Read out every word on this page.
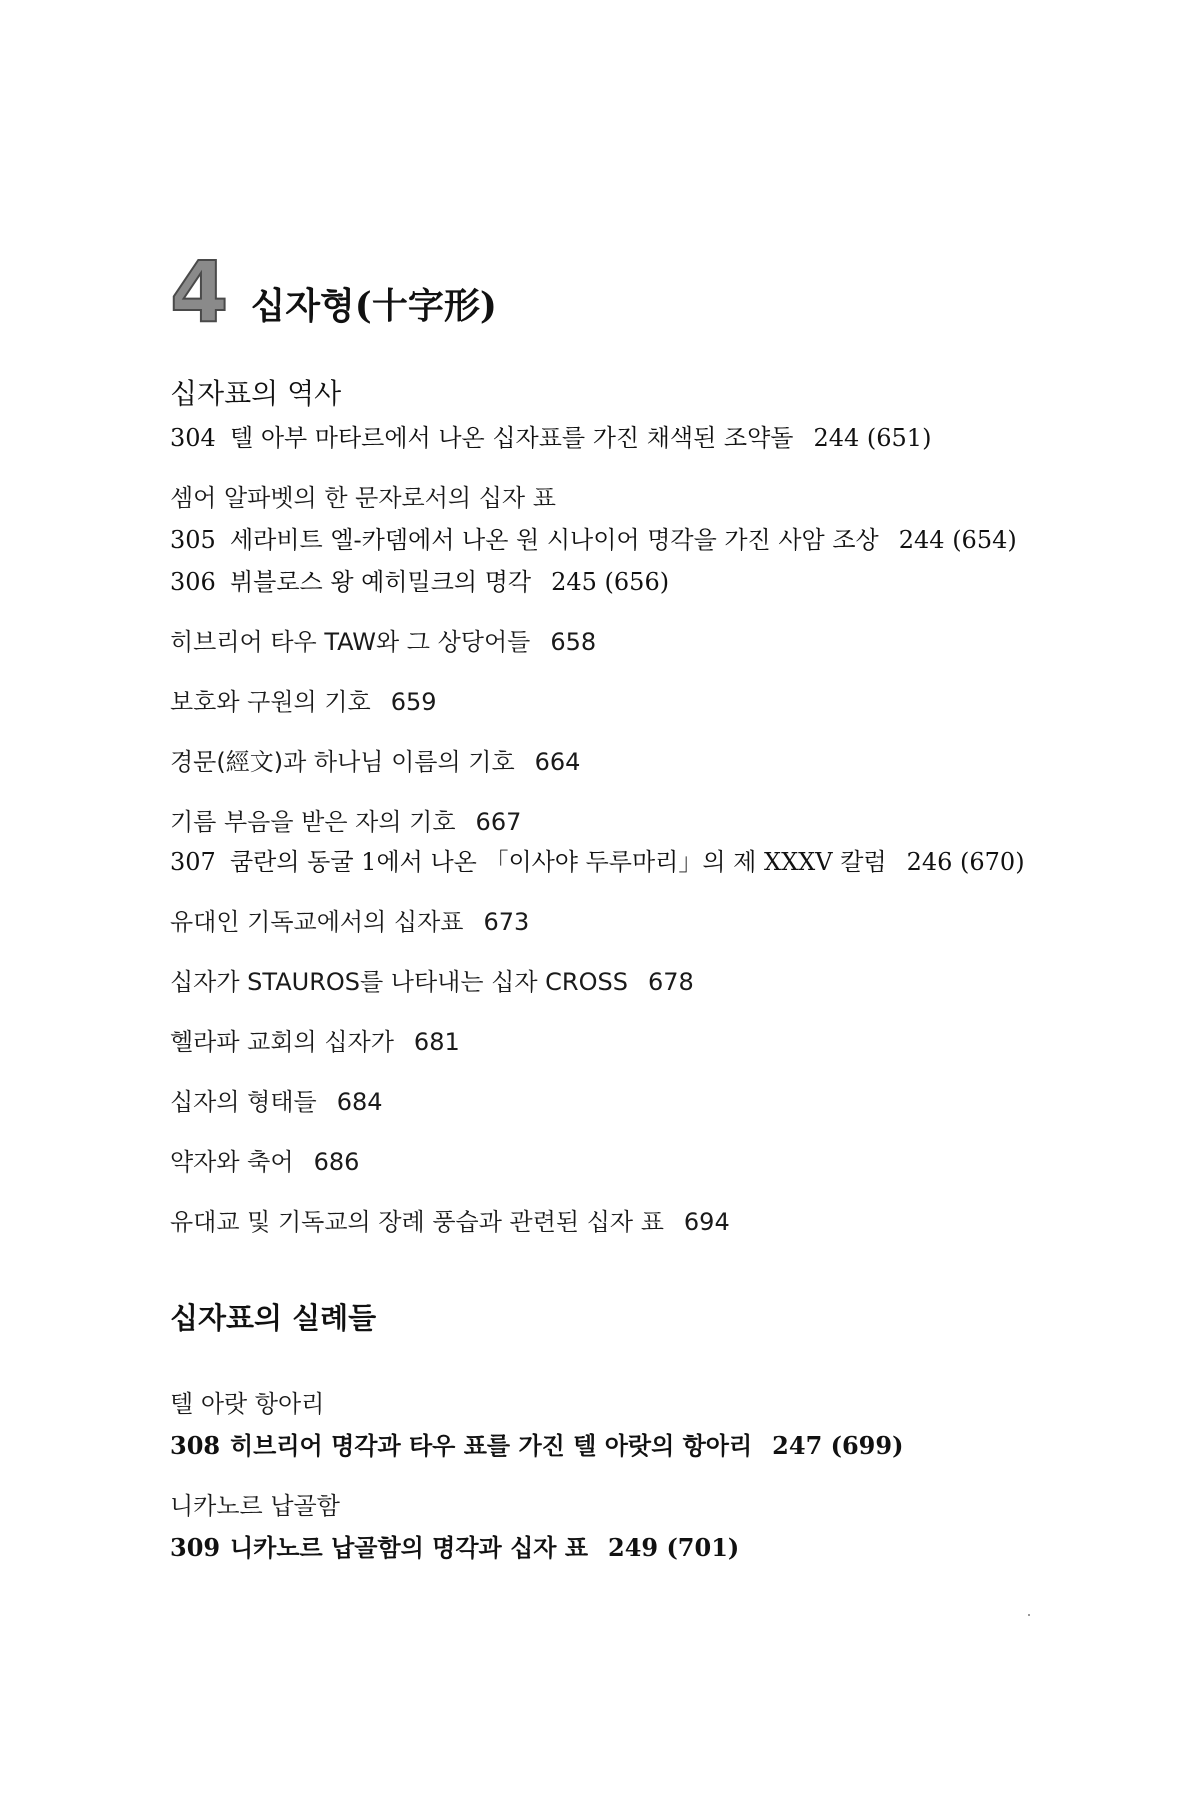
4 십자형(十字形)
십자표의 역사
304 텔 아부 마타르에서 나온 십자표를 가진 채색된 조약돌 244 (651)
셈어 알파벳의 한 문자로서의 십자 표
305 세라비트 엘-카뎀에서 나온 원 시나이어 명각을 가진 사암 조상 244 (654)
306 뷔블로스 왕 예히밀크의 명각 245 (656)
히브리어 타우 TAW와 그 상당어들 658
보호와 구원의 기호 659
경문(經文)과 하나님 이름의 기호 664
기름 부음을 받은 자의 기호 667
307 쿰란의 동굴 1에서 나온 「이사야 두루마리」의 제 XXXV 칼럼 246 (670)
유대인 기독교에서의 십자표 673
십자가 STAUROS를 나타내는 십자 CROSS 678
헬라파 교회의 십자가 681
십자의 형태들 684
약자와 축어 686
유대교 및 기독교의 장례 풍습과 관련된 십자 표 694
십자표의 실례들
텔 아랏 항아리
308 히브리어 명각과 타우 표를 가진 텔 아랏의 항아리 247 (699)
니카노르 납골함
309 니카노르 납골함의 명각과 십자 표 249 (701)
